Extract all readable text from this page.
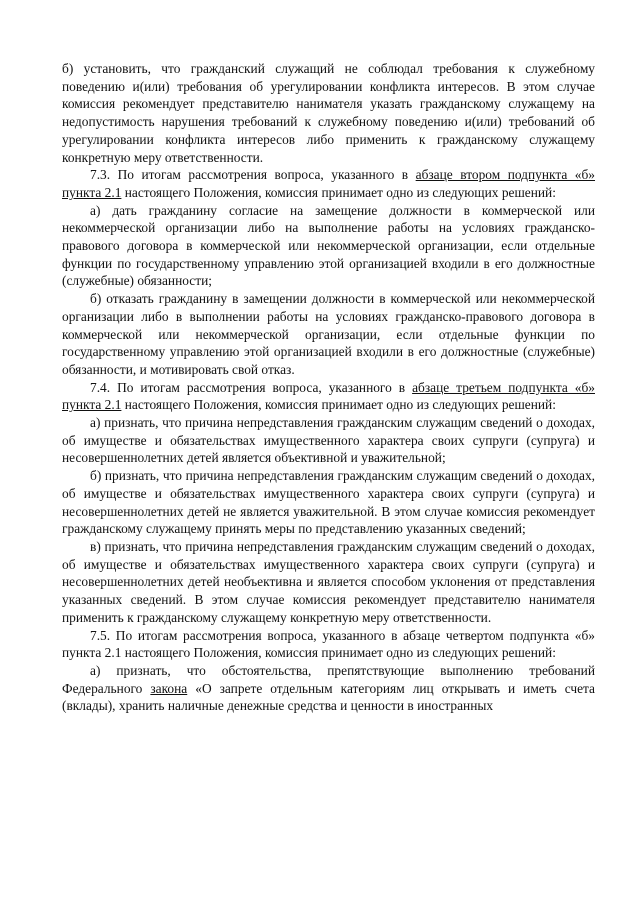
б) установить, что гражданский служащий не соблюдал требования к служебному поведению и(или) требования об урегулировании конфликта интересов. В этом случае комиссия рекомендует представителю нанимателя указать гражданскому служащему на недопустимость нарушения требований к служебному поведению и(или) требований об урегулировании конфликта интересов либо применить к гражданскому служащему конкретную меру ответственности.

7.3. По итогам рассмотрения вопроса, указанного в абзаце втором подпункта «б» пункта 2.1 настоящего Положения, комиссия принимает одно из следующих решений:

а) дать гражданину согласие на замещение должности в коммерческой или некоммерческой организации либо на выполнение работы на условиях гражданско-правового договора в коммерческой или некоммерческой организации, если отдельные функции по государственному управлению этой организацией входили в его должностные (служебные) обязанности;

б) отказать гражданину в замещении должности в коммерческой или некоммерческой организации либо в выполнении работы на условиях гражданско-правового договора в коммерческой или некоммерческой организации, если отдельные функции по государственному управлению этой организацией входили в его должностные (служебные) обязанности, и мотивировать свой отказ.

7.4. По итогам рассмотрения вопроса, указанного в абзаце третьем подпункта «б» пункта 2.1 настоящего Положения, комиссия принимает одно из следующих решений:

а) признать, что причина непредставления гражданским служащим сведений о доходах, об имуществе и обязательствах имущественного характера своих супруги (супруга) и несовершеннолетних детей является объективной и уважительной;

б) признать, что причина непредставления гражданским служащим сведений о доходах, об имуществе и обязательствах имущественного характера своих супруги (супруга) и несовершеннолетних детей не является уважительной. В этом случае комиссия рекомендует гражданскому служащему принять меры по представлению указанных сведений;

в) признать, что причина непредставления гражданским служащим сведений о доходах, об имуществе и обязательствах имущественного характера своих супруги (супруга) и несовершеннолетних детей необъективна и является способом уклонения от представления указанных сведений. В этом случае комиссия рекомендует представителю нанимателя применить к гражданскому служащему конкретную меру ответственности.

7.5. По итогам рассмотрения вопроса, указанного в абзаце четвертом подпункта «б» пункта 2.1 настоящего Положения, комиссия принимает одно из следующих решений:

а) признать, что обстоятельства, препятствующие выполнению требований Федерального закона «О запрете отдельным категориям лиц открывать и иметь счета (вклады), хранить наличные денежные средства и ценности в иностранных
